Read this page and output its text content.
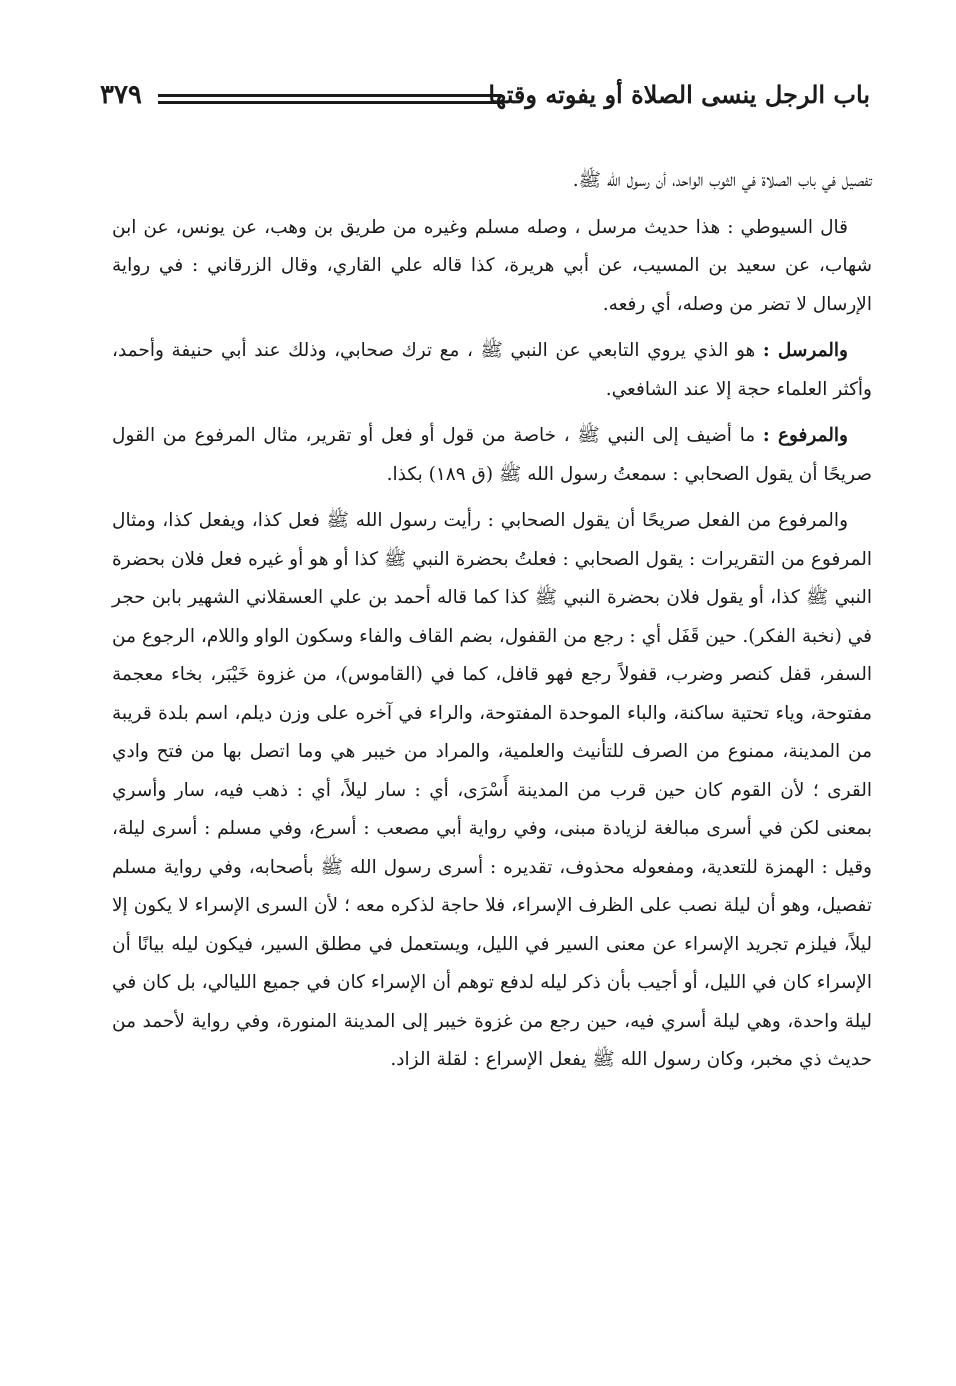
باب الرجل ينسى الصلاة أو يفوته وقتها
٣٧٩

تفصيل في باب الصلاة في الثوب الواحد، أن رسول الله ﷺ.

قال السيوطي : هذا حديث مرسل ، وصله مسلم وغيره من طريق بن وهب، عن يونس، عن ابن شهاب، عن سعيد بن المسيب، عن أبي هريرة، كذا قاله علي القاري، وقال الزرقاني : في رواية الإرسال لا تضر من وصله، أي رفعه.

والمرسل : هو الذي يروي التابعي عن النبي ﷺ ، مع ترك صحابي، وذلك عند أبي حنيفة وأحمد، وأكثر العلماء حجة إلا عند الشافعي.

والمرفوع : ما أضيف إلى النبي ﷺ ، خاصة من قول أو فعل أو تقرير، مثال المرفوع من القول صريحًا أن يقول الصحابي : سمعتُ رسول الله ﷺ (ق ١٨٩) بكذا.

والمرفوع من الفعل صريحًا أن يقول الصحابي : رأيت رسول الله ﷺ فعل كذا، ويفعل كذا، ومثال المرفوع من التقريرات : يقول الصحابي : فعلتُ بحضرة النبي ﷺ كذا أو هو أو غيره فعل فلان بحضرة النبي ﷺ كذا، أو يقول فلان بحضرة النبي ﷺ كذا كما قاله أحمد بن علي العسقلاني الشهير بابن حجر في (نخبة الفكر). حين قَفَل أي : رجع من القفول، بضم القاف والفاء وسكون الواو واللام، الرجوع من السفر، قفل كنصر وضرب، قفولاً رجع فهو قافل، كما في (القاموس)، من غزوة خَيْبَر، بخاء معجمة مفتوحة، وياء تحتية ساكنة، والباء الموحدة المفتوحة، والراء في آخره على وزن ديلم، اسم بلدة قريبة من المدينة، ممنوع من الصرف للتأنيث والعلمية، والمراد من خيبر هي وما اتصل بها من فتح وادي القرى ؛ لأن القوم كان حين قرب من المدينة أَسْرَى، أي : سار ليلاً، أي : ذهب فيه، سار وأسري بمعنى لكن في أسرى مبالغة لزيادة مبنى، وفي رواية أبي مصعب : أسرع، وفي مسلم : أسرى ليلة، وقيل : الهمزة للتعدية، ومفعوله محذوف، تقديره : أسرى رسول الله ﷺ بأصحابه، وفي رواية مسلم تفصيل، وهو أن ليلة نصب على الظرف الإسراء، فلا حاجة لذكره معه ؛ لأن السرى الإسراء لا يكون إلا ليلاً، فيلزم تجريد الإسراء عن معنى السير في الليل، ويستعمل في مطلق السير، فيكون ليله بيانًا أن الإسراء كان في الليل، أو أجيب بأن ذكر ليله لدفع توهم أن الإسراء كان في جميع الليالي، بل كان في ليلة واحدة، وهي ليلة أسري فيه، حين رجع من غزوة خيبر إلى المدينة المنورة، وفي رواية لأحمد من حديث ذي مخبر، وكان رسول الله ﷺ يفعل الإسراع : لقلة الزاد.
